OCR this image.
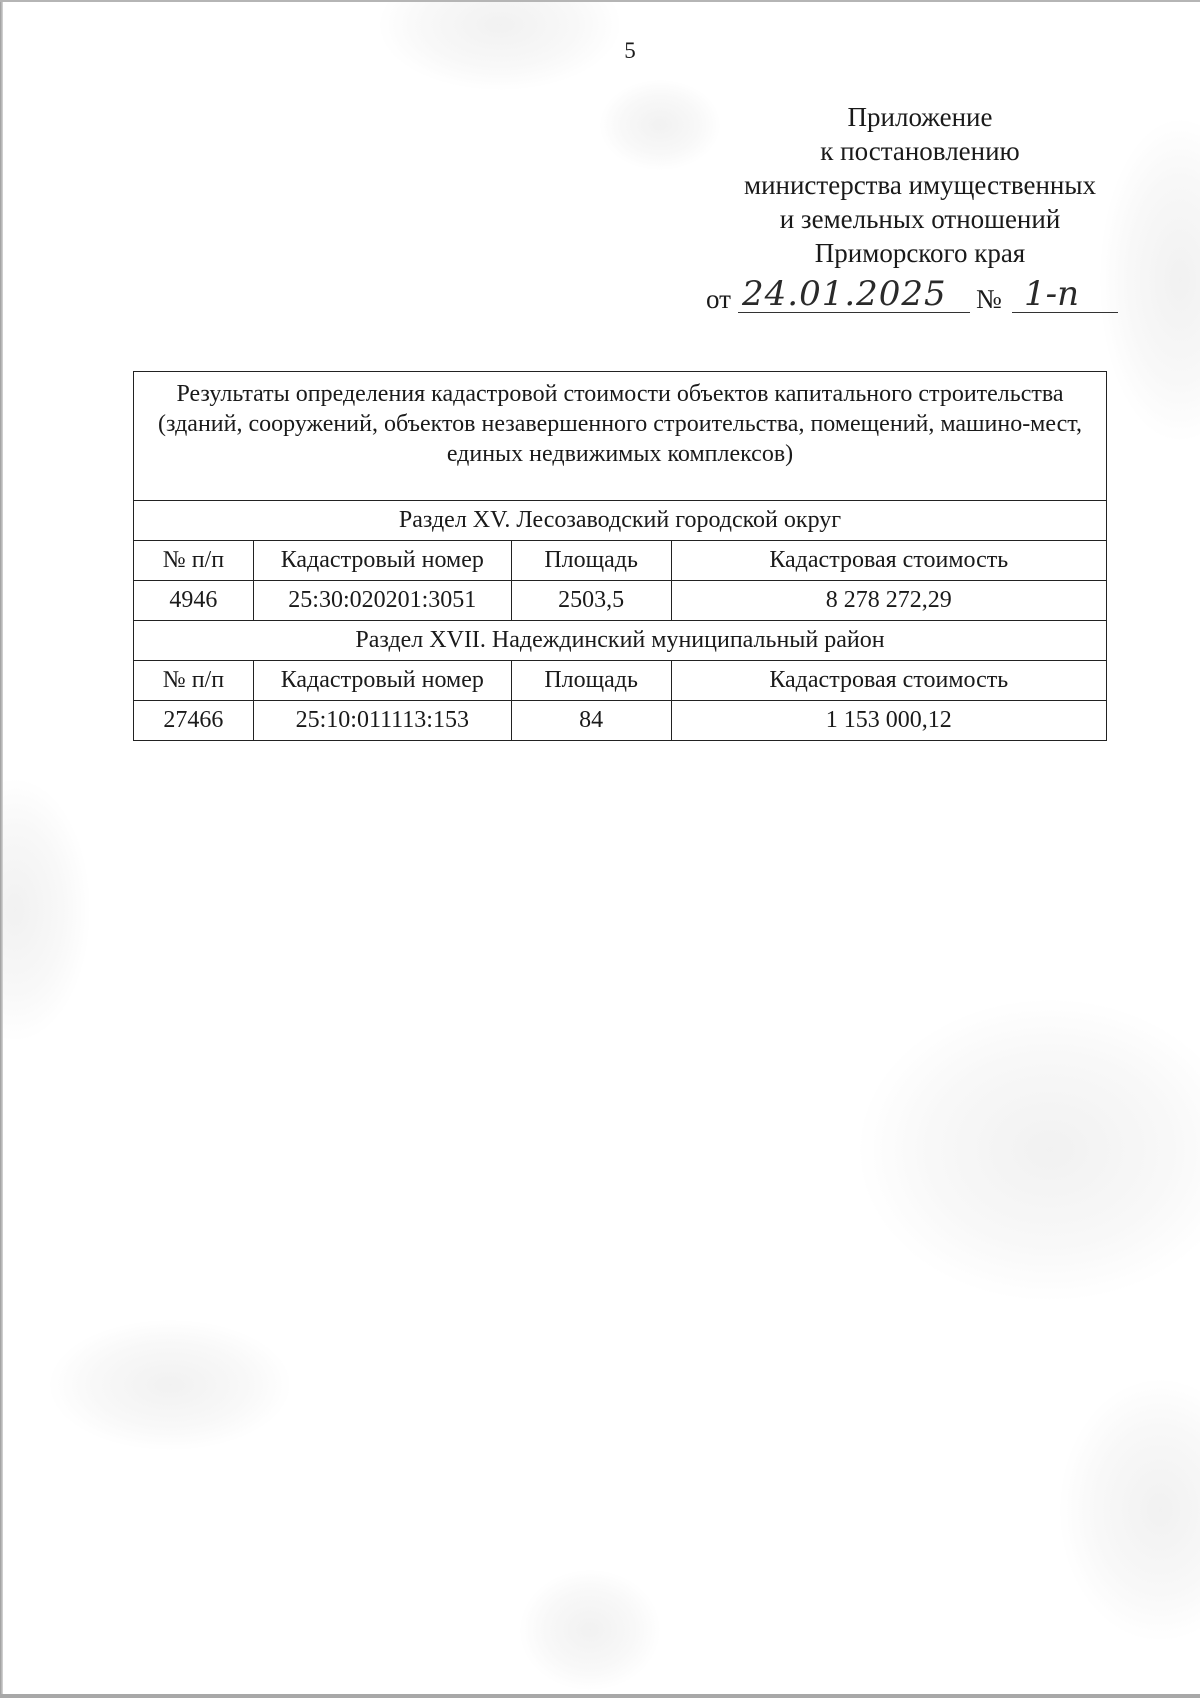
5
Приложение
к постановлению
министерства имущественных
и земельных отношений
Приморского края
от 24.01.2025 № 1-п
Результаты определения кадастровой стоимости объектов капитального строительства
(зданий, сооружений, объектов незавершенного строительства, помещений, машино-мест,
единых недвижимых комплексов)			

Раздел XV. Лесозаводский городской округ			
№ п/п	Кадастровый номер	Площадь	Кадастровая стоимость
4946	25:30:020201:3051	2503,5	8 278 272,29
Раздел XVII. Надеждинский муниципальный район			
№ п/п	Кадастровый номер	Площадь	Кадастровая стоимость
27466	25:10:011113:153	84	1 153 000,12
